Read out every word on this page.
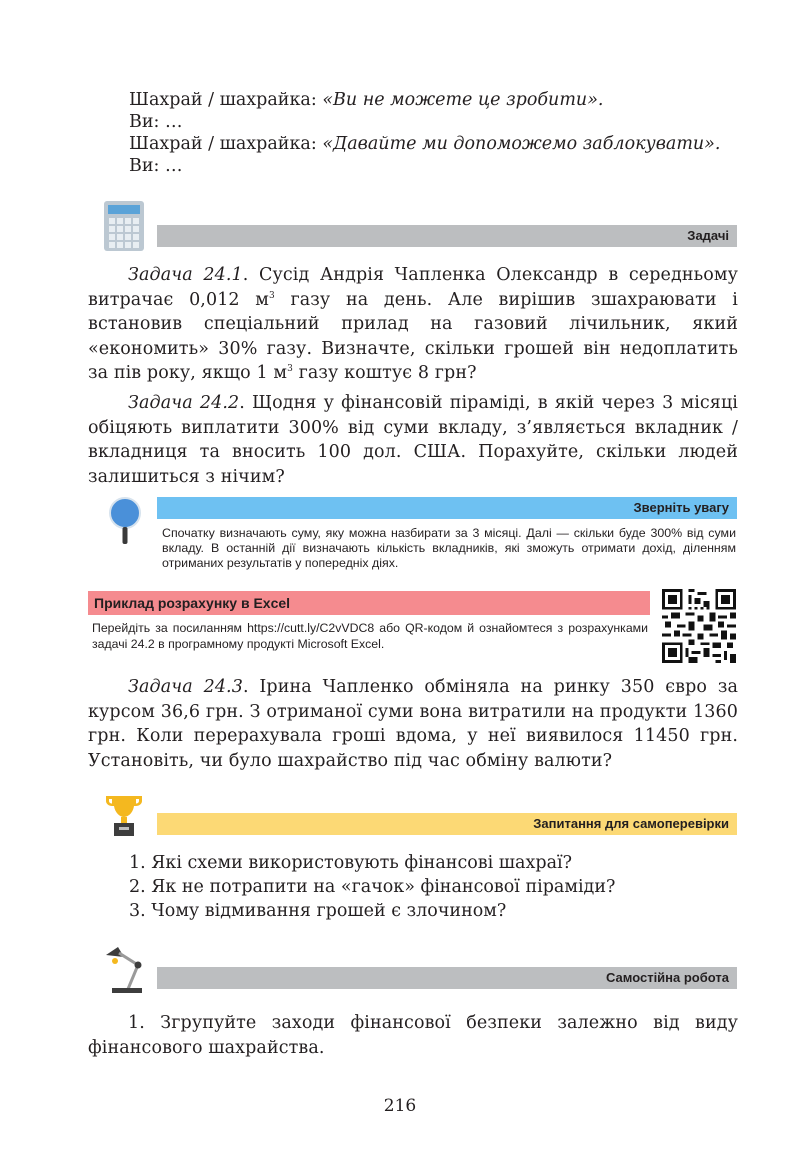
Шахрай / шахрайка: «Ви не можете це зробити».
Ви: …
Шахрай / шахрайка: «Давайте ми допоможемо заблокувати».
Ви: …
Задачі
Задача 24.1. Сусід Андрія Чапленка Олександр в середньому витрачає 0,012 $м^3$ газу на день. Але вирішив зшахраювати і встановив спеціальний прилад на газовий лічильник, який «економить» 30% газу. Визначте, скільки грошей він недоплатить за пів року, якщо 1 $м^3$ газу коштує 8 грн?
Задача 24.2. Щодня у фінансовій піраміді, в якій через 3 місяці обіцяють виплатити 300% від суми вкладу, з’являється вкладник / вкладниця та вносить 100 дол. США. Порахуйте, скільки людей залишиться з нічим?
Зверніть увагу
Спочатку визначають суму, яку можна назбирати за 3 місяці. Далі — скільки буде 300% від суми вкладу. В останній дії визначають кількість вкладників, які зможуть отримати дохід, діленням отриманих результатів у попередніх діях.
Приклад розрахунку в Excel
Перейдіть за посиланням https://cutt.ly/C2vVDC8 або QR-кодом й ознайомтеся з розрахунками задачі 24.2 в програмному продукті Microsoft Excel.
Задача 24.3. Ірина Чапленко обміняла на ринку 350 євро за курсом 36,6 грн. З отриманої суми вона витратили на продукти 1360 грн. Коли перерахувала гроші вдома, у неї виявилося 11450 грн. Установіть, чи було шахрайство під час обміну валюти?
Запитання для самоперевірки
1. Які схеми використовують фінансові шахраї?
2. Як не потрапити на «гачок» фінансової піраміди?
3. Чому відмивання грошей є злочином?
Самостійна робота
1. Згрупуйте заходи фінансової безпеки залежно від виду фінансового шахрайства.
216
